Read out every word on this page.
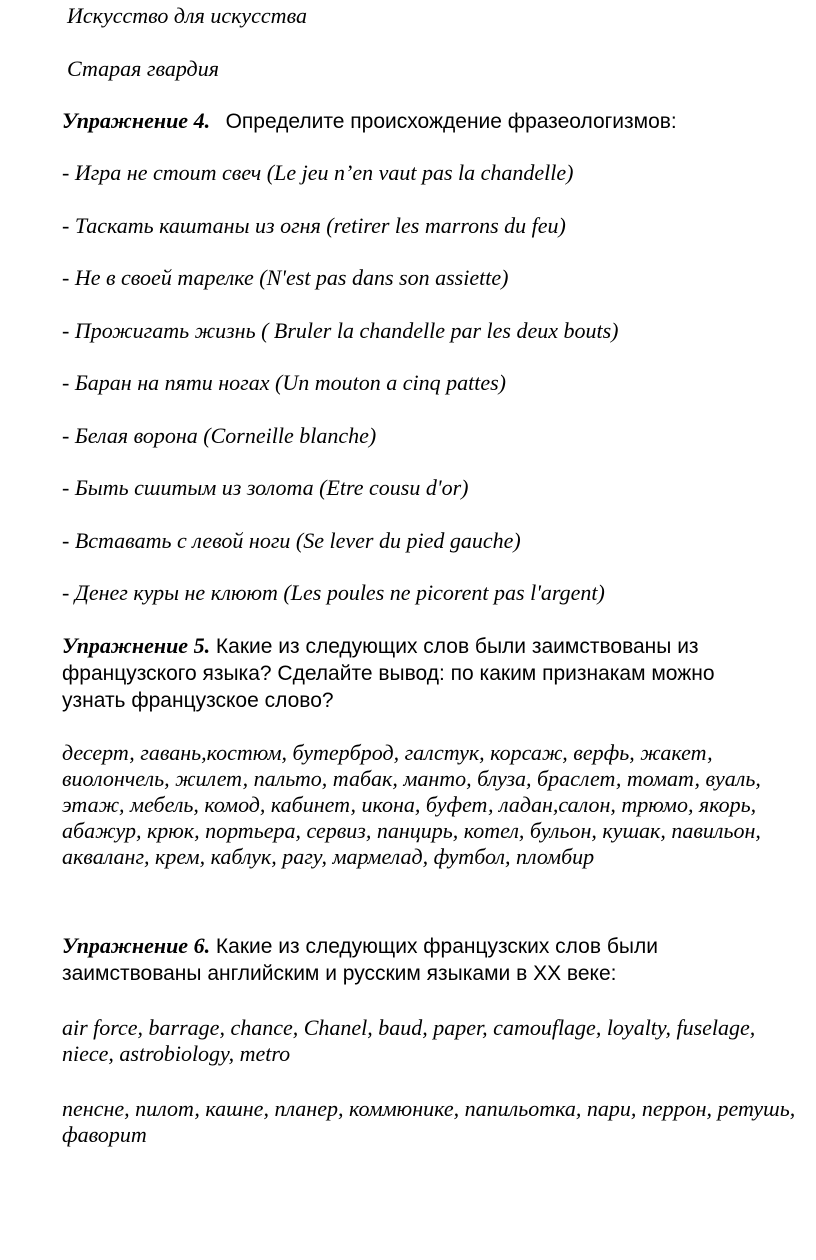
Искусство для искусства
Старая гвардия
Упражнение 4. Определите происхождение фразеологизмов:
- Игра не стоит свеч (Le jeu n’en vaut pas la chandelle)
- Таскать каштаны из огня (retirer les marrons du feu)
- Не в своей тарелке (N'est pas dans son assiette)
- Прожигать жизнь ( Bruler la chandelle par les deux bouts)
- Баран на пяти ногах (Un mouton a cinq pattes)
- Белая ворона (Corneille blanche)
- Быть сшитым из золота (Etre cousu d'or)
- Вставать с левой ноги (Se lever du pied gauche)
- Денег куры не клюют (Les poules ne picorent pas l'argent)
Упражнение 5. Какие из следующих слов были заимствованы из французского языка? Сделайте вывод: по каким признакам можно узнать французское слово?
десерт, гавань,костюм, бутерброд, галстук, корсаж, верфь, жакет, виолончель, жилет, пальто, табак, манто, блуза, браслет, томат, вуаль, этаж, мебель, комод, кабинет, икона, буфет, ладан,салон, трюмо, якорь, абажур, крюк, портьера, сервиз, панцирь, котел, бульон, кушак, павильон, акваланг, крем, каблук, рагу, мармелад, футбол, пломбир
Упражнение 6. Какие из следующих французских слов были заимствованы английским и русским языками в XX веке:
air force, barrage, chance, Chanel, baud, paper, camouflage, loyalty, fuselage, niece, astrobiology, metro
пенсне, пилот, кашне, планер, коммюнике, папильотка, пари, перрон, ретушь, фаворит
